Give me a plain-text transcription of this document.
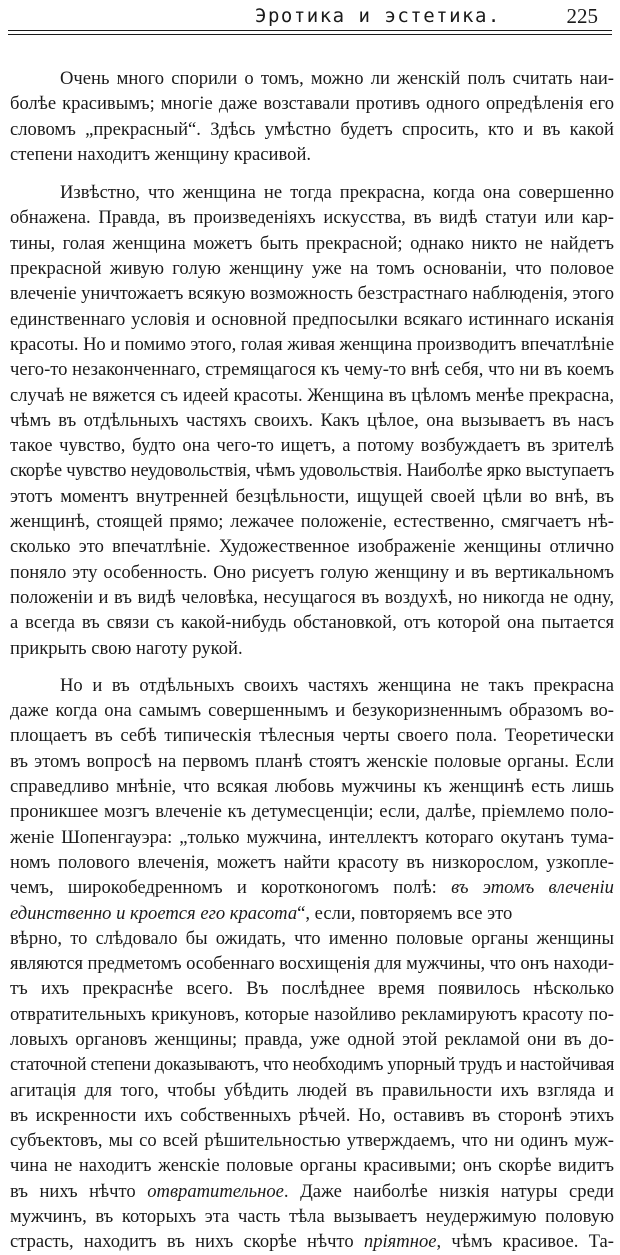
Эротика и эстетика.	225
Очень много спорили о томъ, можно ли женскій полъ считать наи-
болѣе красивымъ; многіе даже возставали противъ одного опредѣленія его
словомъ „прекрасный“. Здѣсь умѣстно будетъ спросить, кто и въ какой
степени находитъ женщину красивой.
Извѣстно, что женщина не тогда прекрасна, когда она совершенно
обнажена. Правда, въ произведеніяхъ искусства, въ видѣ статуи или кар-
тины, голая женщина можетъ быть прекрасной; однако никто не найдетъ
прекрасной живую голую женщину уже на томъ основаніи, что половое
влеченіе уничтожаетъ всякую возможность безстрастнаго наблюденія, этого
единственнаго условія и основной предпосылки всякаго истиннаго исканія
красоты. Но и помимо этого, голая живая женщина производитъ впечатлѣніе
чего-то незаконченнаго, стремящагося къ чему-то внѣ себя, что ни въ коемъ
случаѣ не вяжется съ идеей красоты. Женщина въ цѣломъ менѣе прекрасна,
чѣмъ въ отдѣльныхъ частяхъ своихъ. Какъ цѣлое, она вызываетъ въ насъ
такое чувство, будто она чего-то ищетъ, а потому возбуждаетъ въ зрителѣ
скорѣе чувство неудовольствія, чѣмъ удовольствія. Наиболѣе ярко выступаетъ
этотъ моментъ внутренней безцѣльности, ищущей своей цѣли во внѣ, въ
женщинѣ, стоящей прямо; лежачее положеніе, естественно, смягчаетъ нѣ-
сколько это впечатлѣніе. Художественное изображеніе женщины отлично
поняло эту особенность. Оно рисуетъ голую женщину и въ вертикальномъ
положеніи и въ видѣ человѣка, несущагося въ воздухѣ, но никогда не одну,
а всегда въ связи съ какой-нибудь обстановкой, отъ которой она пытается
прикрыть свою наготу рукой.
Но и въ отдѣльныхъ своихъ частяхъ женщина не такъ прекрасна
даже когда она самымъ совершеннымъ и безукоризненнымъ образомъ во-
площаетъ въ себѣ типическія тѣлесныя черты своего пола. Теоретически
въ этомъ вопросѣ на первомъ планѣ стоятъ женскіе половые органы. Если
справедливо мнѣніе, что всякая любовь мужчины къ женщинѣ есть лишь
проникшее мозгъ влеченіе къ детумесценціи; если, далѣе, пріемлемо поло-
женіе Шопенгауэра: „только мужчина, интеллектъ котораго окутанъ тума-
номъ полового влеченія, можетъ найти красоту въ низкорослом, узкопле-
чемъ, широкобедренномъ и коротконогомъ полѣ: въ этомъ влеченіи
единственно и кроется его красота“, если, повторяемъ все это
вѣрно, то слѣдовало бы ожидать, что именно половые органы женщины
являются предметомъ особеннаго восхищенія для мужчины, что онъ находи-
тъ ихъ прекраснѣе всего. Въ послѣднее время появилось нѣсколько
отвратительныхъ крикуновъ, которые назойливо рекламируютъ красоту по-
ловыхъ органовъ женщины; правда, уже одной этой рекламой они въ до-
статочной степени доказываютъ, что необходимъ упорный трудъ и настойчивая
агитація для того, чтобы убѣдить людей въ правильности ихъ взгляда и
въ искренности ихъ собственныхъ рѣчей. Но, оставивъ въ сторонѣ этихъ
субъектовъ, мы со всей рѣшительностью утверждаемъ, что ни одинъ муж-
чина не находитъ женскіе половые органы красивыми; онъ скорѣе видитъ
въ нихъ нѣчто отвратительное. Даже наиболѣе низкія натуры среди
мужчинъ, въ которыхъ эта часть тѣла вызываетъ неудержимую половую
страсть, находитъ въ нихъ скорѣе нѣчто пріятное, чѣмъ красивое. Та-
